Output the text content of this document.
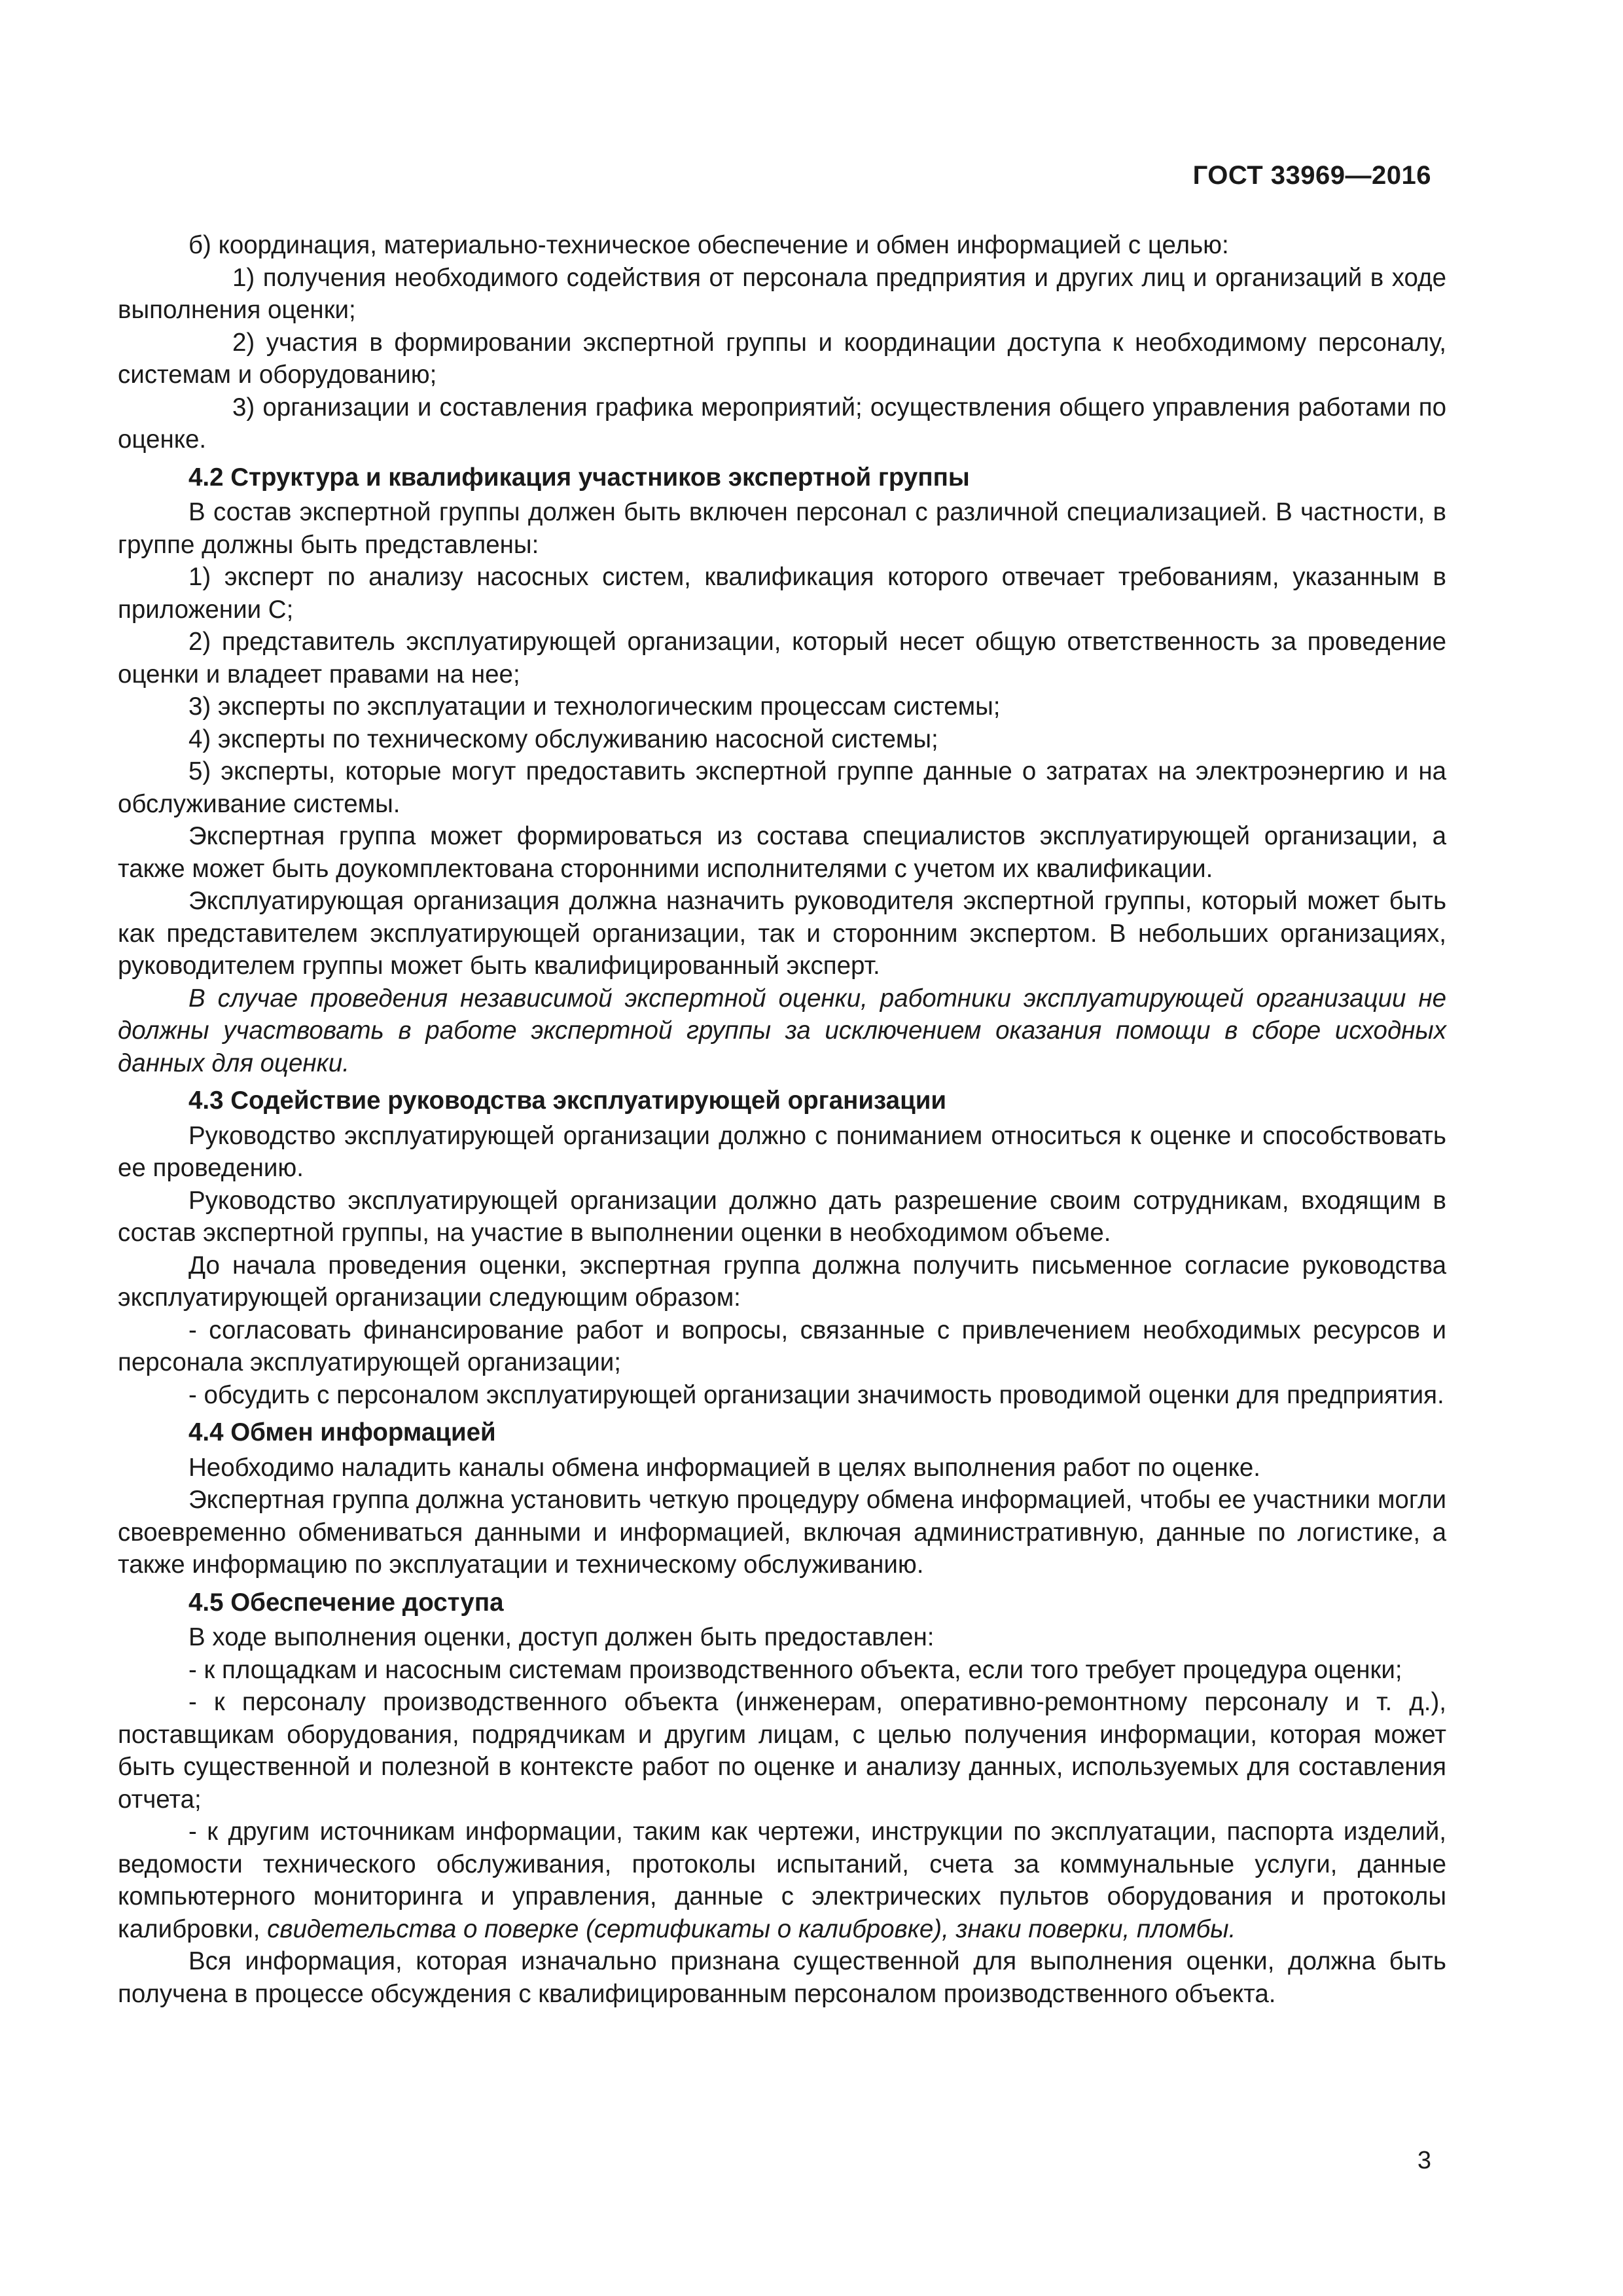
ГОСТ 33969—2016

б) координация, материально-техническое обеспечение и обмен информацией с целью:

1) получения необходимого содействия от персонала предприятия и других лиц и организаций в ходе выполнения оценки;

2) участия в формировании экспертной группы и координации доступа к необходимому персоналу, системам и оборудованию;

3) организации и составления графика мероприятий; осуществления общего управления работами по оценке.

4.2 Структура и квалификация участников экспертной группы

В состав экспертной группы должен быть включен персонал с различной специализацией. В частности, в группе должны быть представлены:

1) эксперт по анализу насосных систем, квалификация которого отвечает требованиям, указанным в приложении С;

2) представитель эксплуатирующей организации, который несет общую ответственность за проведение оценки и владеет правами на нее;

3) эксперты по эксплуатации и технологическим процессам системы;

4) эксперты по техническому обслуживанию насосной системы;

5) эксперты, которые могут предоставить экспертной группе данные о затратах на электроэнергию и на обслуживание системы.

Экспертная группа может формироваться из состава специалистов эксплуатирующей организации, а также может быть доукомплектована сторонними исполнителями с учетом их квалификации.

Эксплуатирующая организация должна назначить руководителя экспертной группы, который может быть как представителем эксплуатирующей организации, так и сторонним экспертом. В небольших организациях, руководителем группы может быть квалифицированный эксперт.

В случае проведения независимой экспертной оценки, работники эксплуатирующей организации не должны участвовать в работе экспертной группы за исключением оказания помощи в сборе исходных данных для оценки.

4.3 Содействие руководства эксплуатирующей организации

Руководство эксплуатирующей организации должно с пониманием относиться к оценке и способствовать ее проведению.

Руководство эксплуатирующей организации должно дать разрешение своим сотрудникам, входящим в состав экспертной группы, на участие в выполнении оценки в необходимом объеме.

До начала проведения оценки, экспертная группа должна получить письменное согласие руководства эксплуатирующей организации следующим образом:

- согласовать финансирование работ и вопросы, связанные с привлечением необходимых ресурсов и персонала эксплуатирующей организации;

- обсудить с персоналом эксплуатирующей организации значимость проводимой оценки для предприятия.

4.4 Обмен информацией

Необходимо наладить каналы обмена информацией в целях выполнения работ по оценке.

Экспертная группа должна установить четкую процедуру обмена информацией, чтобы ее участники могли своевременно обмениваться данными и информацией, включая административную, данные по логистике, а также информацию по эксплуатации и техническому обслуживанию.

4.5 Обеспечение доступа

В ходе выполнения оценки, доступ должен быть предоставлен:

- к площадкам и насосным системам производственного объекта, если того требует процедура оценки;

- к персоналу производственного объекта (инженерам, оперативно-ремонтному персоналу и т. д.), поставщикам оборудования, подрядчикам и другим лицам, с целью получения информации, которая может быть существенной и полезной в контексте работ по оценке и анализу данных, используемых для составления отчета;

- к другим источникам информации, таким как чертежи, инструкции по эксплуатации, паспорта изделий, ведомости технического обслуживания, протоколы испытаний, счета за коммунальные услуги, данные компьютерного мониторинга и управления, данные с электрических пультов оборудования и протоколы калибровки, свидетельства о поверке (сертификаты о калибровке), знаки поверки, пломбы.

Вся информация, которая изначально признана существенной для выполнения оценки, должна быть получена в процессе обсуждения с квалифицированным персоналом производственного объекта.

3
